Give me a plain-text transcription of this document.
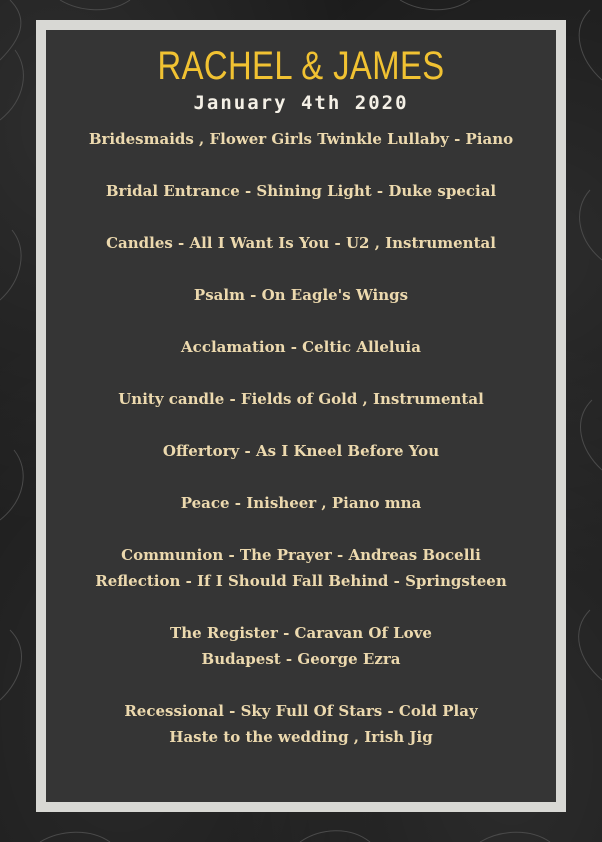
RACHEL & JAMES
January 4th 2020
Bridesmaids , Flower Girls Twinkle Lullaby - Piano
Bridal Entrance - Shining Light - Duke special
Candles - All I Want Is You - U2 , Instrumental
Psalm - On Eagle's Wings
Acclamation - Celtic Alleluia
Unity candle - Fields of Gold , Instrumental
Offertory - As I Kneel Before You
Peace - Inisheer , Piano mna
Communion - The Prayer - Andreas Bocelli
Reflection - If I Should Fall Behind - Springsteen
The Register - Caravan Of Love
Budapest - George Ezra
Recessional - Sky Full Of Stars - Cold Play
Haste to the wedding , Irish Jig
